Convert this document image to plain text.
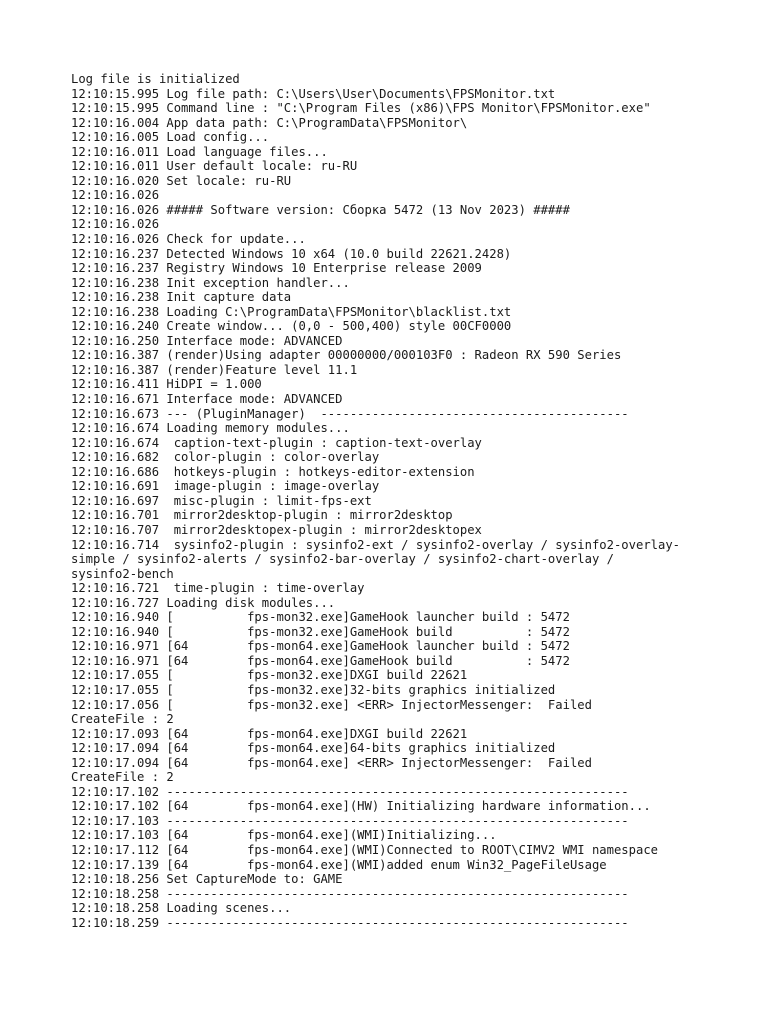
Log file is initialized
12:10:15.995 Log file path: C:\Users\User\Documents\FPSMonitor.txt
12:10:15.995 Command line : "C:\Program Files (x86)\FPS Monitor\FPSMonitor.exe"
12:10:16.004 App data path: C:\ProgramData\FPSMonitor\
12:10:16.005 Load config...
12:10:16.011 Load language files...
12:10:16.011 User default locale: ru-RU
12:10:16.020 Set locale: ru-RU
12:10:16.026
12:10:16.026 ##### Software version: Сборка 5472 (13 Nov 2023) #####
12:10:16.026
12:10:16.026 Check for update...
12:10:16.237 Detected Windows 10 x64 (10.0 build 22621.2428)
12:10:16.237 Registry Windows 10 Enterprise release 2009
12:10:16.238 Init exception handler...
12:10:16.238 Init capture data
12:10:16.238 Loading C:\ProgramData\FPSMonitor\blacklist.txt
12:10:16.240 Create window... (0,0 - 500,400) style 00CF0000
12:10:16.250 Interface mode: ADVANCED
12:10:16.387 (render)Using adapter 00000000/000103F0 : Radeon RX 590 Series
12:10:16.387 (render)Feature level 11.1
12:10:16.411 HiDPI = 1.000
12:10:16.671 Interface mode: ADVANCED
12:10:16.673 --- (PluginManager)  ------------------------------------------
12:10:16.674 Loading memory modules...
12:10:16.674  caption-text-plugin : caption-text-overlay
12:10:16.682  color-plugin : color-overlay
12:10:16.686  hotkeys-plugin : hotkeys-editor-extension
12:10:16.691  image-plugin : image-overlay
12:10:16.697  misc-plugin : limit-fps-ext
12:10:16.701  mirror2desktop-plugin : mirror2desktop
12:10:16.707  mirror2desktopex-plugin : mirror2desktopex
12:10:16.714  sysinfo2-plugin : sysinfo2-ext / sysinfo2-overlay / sysinfo2-overlay-
simple / sysinfo2-alerts / sysinfo2-bar-overlay / sysinfo2-chart-overlay /
sysinfo2-bench
12:10:16.721  time-plugin : time-overlay
12:10:16.727 Loading disk modules...
12:10:16.940 [          fps-mon32.exe]GameHook launcher build : 5472
12:10:16.940 [          fps-mon32.exe]GameHook build          : 5472
12:10:16.971 [64        fps-mon64.exe]GameHook launcher build : 5472
12:10:16.971 [64        fps-mon64.exe]GameHook build          : 5472
12:10:17.055 [          fps-mon32.exe]DXGI build 22621
12:10:17.055 [          fps-mon32.exe]32-bits graphics initialized
12:10:17.056 [          fps-mon32.exe] <ERR> InjectorMessenger:  Failed
CreateFile : 2
12:10:17.093 [64        fps-mon64.exe]DXGI build 22621
12:10:17.094 [64        fps-mon64.exe]64-bits graphics initialized
12:10:17.094 [64        fps-mon64.exe] <ERR> InjectorMessenger:  Failed
CreateFile : 2
12:10:17.102 ---------------------------------------------------------------
12:10:17.102 [64        fps-mon64.exe](HW) Initializing hardware information...
12:10:17.103 ---------------------------------------------------------------
12:10:17.103 [64        fps-mon64.exe](WMI)Initializing...
12:10:17.112 [64        fps-mon64.exe](WMI)Connected to ROOT\CIMV2 WMI namespace
12:10:17.139 [64        fps-mon64.exe](WMI)added enum Win32_PageFileUsage
12:10:18.256 Set CaptureMode to: GAME
12:10:18.258 ---------------------------------------------------------------
12:10:18.258 Loading scenes...
12:10:18.259 ---------------------------------------------------------------
